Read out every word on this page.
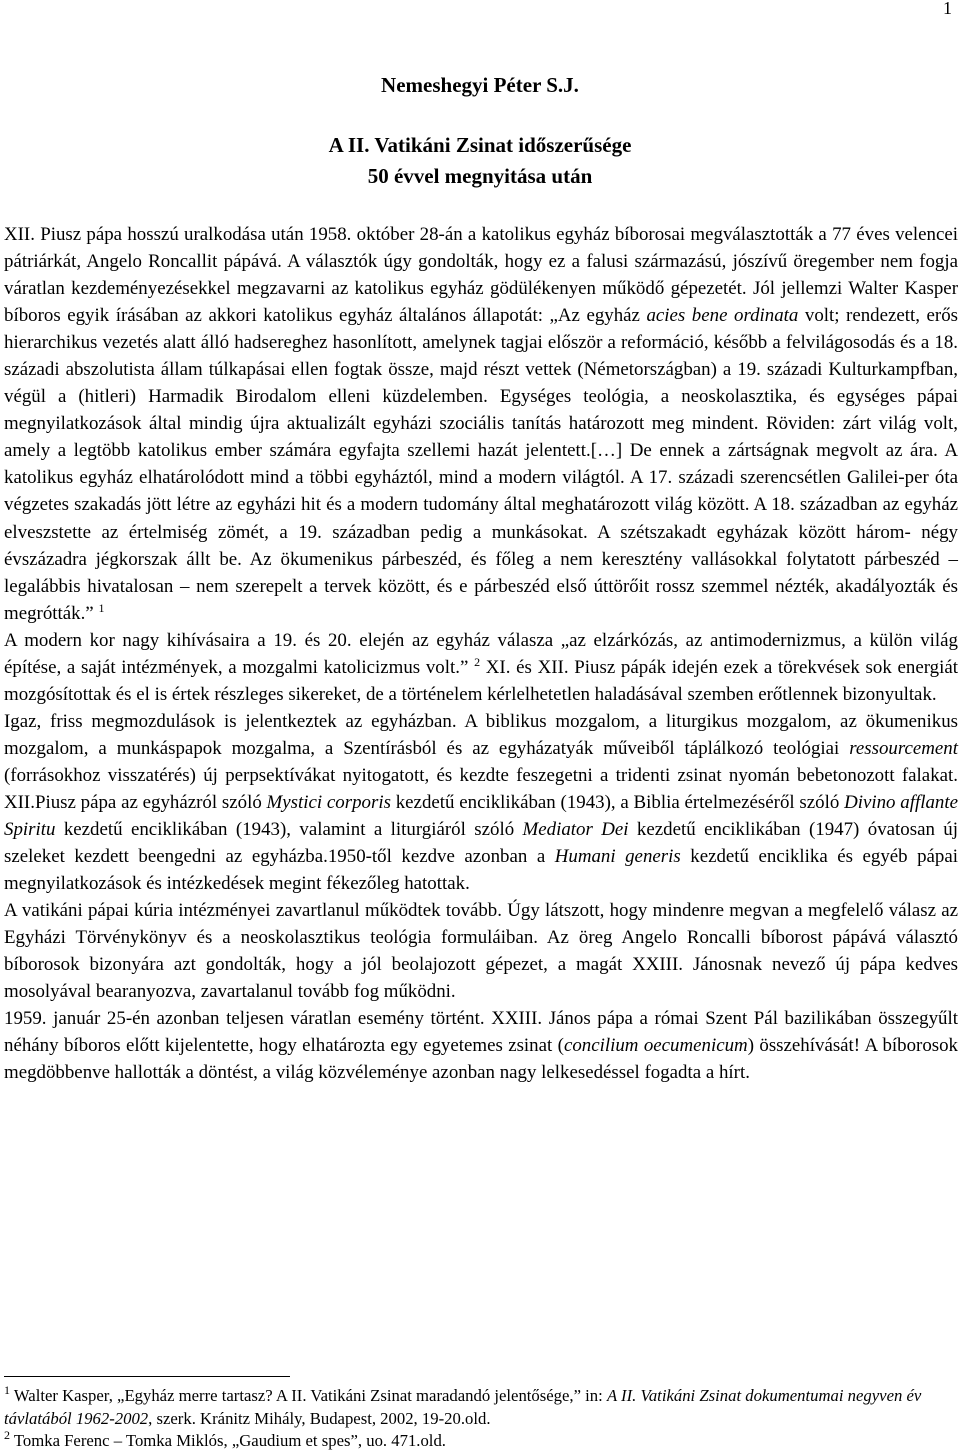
1
Nemeshegyi Péter S.J.
A II. Vatikáni Zsinat időszerűsége
50 évvel megnyitása után
XII. Piusz pápa hosszú uralkodása után 1958. október 28-án a katolikus egyház bíborosai megválasztották a 77 éves velencei pátriárkát, Angelo Roncallit pápává. A választók úgy gondolták, hogy ez a falusi származású, jószívű öregember nem fogja váratlan kezdeményezésekkel megzavarni az katolikus egyház gödülékenyen működő gépezetét. Jól jellemzi Walter Kasper bíboros egyik írásában az akkori katolikus egyház általános állapotát: „Az egyház acies bene ordinata volt; rendezett, erős hierarchikus vezetés alatt álló hadsereghez hasonlított, amelynek tagjai először a reformáció, később a felvilágosodás és a 18. századi abszolutista állam túlkapásai ellen fogtak össze, majd részt vettek (Németországban) a 19. századi Kulturkampfban, végül a (hitleri) Harmadik Birodalom elleni küzdelemben. Egységes teológia, a neoskolasztika, és egységes pápai megnyilatkozások által mindig újra aktualizált egyházi szociális tanítás határozott meg mindent. Röviden: zárt világ volt, amely a legtöbb katolikus ember számára egyfajta szellemi hazát jelentett.[…] De ennek a zártságnak megvolt az ára. A katolikus egyház elhatárolódott mind a többi egyháztól, mind a modern világtól. A 17. századi szerencsétlen Galilei-per óta végzetes szakadás jött létre az egyházi hit és a modern tudomány által meghatározott világ között. A 18. században az egyház elveszstette az értelmiség zömét, a 19. században pedig a munkásokat. A szétszakadt egyházak között három- négy évszázadra jégkorszak állt be. Az ökumenikus párbeszéd, és főleg a nem keresztény vallásokkal folytatott párbeszéd – legalábbis hivatalosan – nem szerepelt a tervek között, és e párbeszéd első úttörőit rossz szemmel nézték, akadályozták és megrótták.” $^1$
A modern kor nagy kihívásaira a 19. és 20. elején az egyház válasza „az elzárkózás, az antimodernizmus, a külön világ építése, a saját intézmények, a mozgalmi katolicizmus volt.” $^2$ XI. és XII. Piusz pápák idején ezek a törekvések sok energiát mozgósítottak és el is értek részleges sikereket, de a történelem kérlelhetetlen haladásával szemben erőtlennek bizonyultak.
Igaz, friss megmozdulások is jelentkeztek az egyházban. A biblikus mozgalom, a liturgikus mozgalom, az ökumenikus mozgalom, a munkáspapok mozgalma, a Szentírásból és az egyházatyák műveiből táplálkozó teológiai ressourcement (forrásokhoz visszatérés) új perpsektívákat nyitogatott, és kezdte feszegetni a tridenti zsinat nyomán bebetonozott falakat. XII.Piusz pápa az egyházról szóló Mystici corporis kezdetű enciklikában (1943), a Biblia értelmezéséről szóló Divino afflante Spiritu kezdetű enciklikában (1943), valamint a liturgiáról szóló Mediator Dei kezdetű enciklikában (1947) óvatosan új szeleket kezdett beengedni az egyházba.1950-től kezdve azonban a Humani generis kezdetű enciklika és egyéb pápai megnyilatkozások és intézkedések megint fékezőleg hatottak.
A vatikáni pápai kúria intézményei zavartlanul működtek tovább. Úgy látszott, hogy mindenre megvan a megfelelő válasz az Egyházi Törvénykönyv és a neoskolasztikus teológia formuláiban. Az öreg Angelo Roncalli bíborost pápává választó bíborosok bizonyára azt gondolták, hogy a jól beolajozott gépezet, a magát XXIII. Jánosnak nevező új pápa kedves mosolyával bearanyozva, zavartalanul tovább fog működni.
1959. január 25-én azonban teljesen váratlan esemény történt. XXIII. János pápa a római Szent Pál bazilikában összegyűlt néhány bíboros előtt kijelentette, hogy elhatározta egy egyetemes zsinat (concilium oecumenicum) összehívását! A bíborosok megdöbbenve hallották a döntést, a világ közvéleménye azonban nagy lelkesedéssel fogadta a hírt.
$^1$ Walter Kasper, „Egyház merre tartasz? A II. Vatikáni Zsinat maradandó jelentősége,” in: A II. Vatikáni Zsinat dokumentumai negyven év távlatából 1962-2002, szerk. Kránitz Mihály, Budapest, 2002, 19-20.old.
$^2$ Tomka Ferenc – Tomka Miklós, „Gaudium et spes”, uo. 471.old.
